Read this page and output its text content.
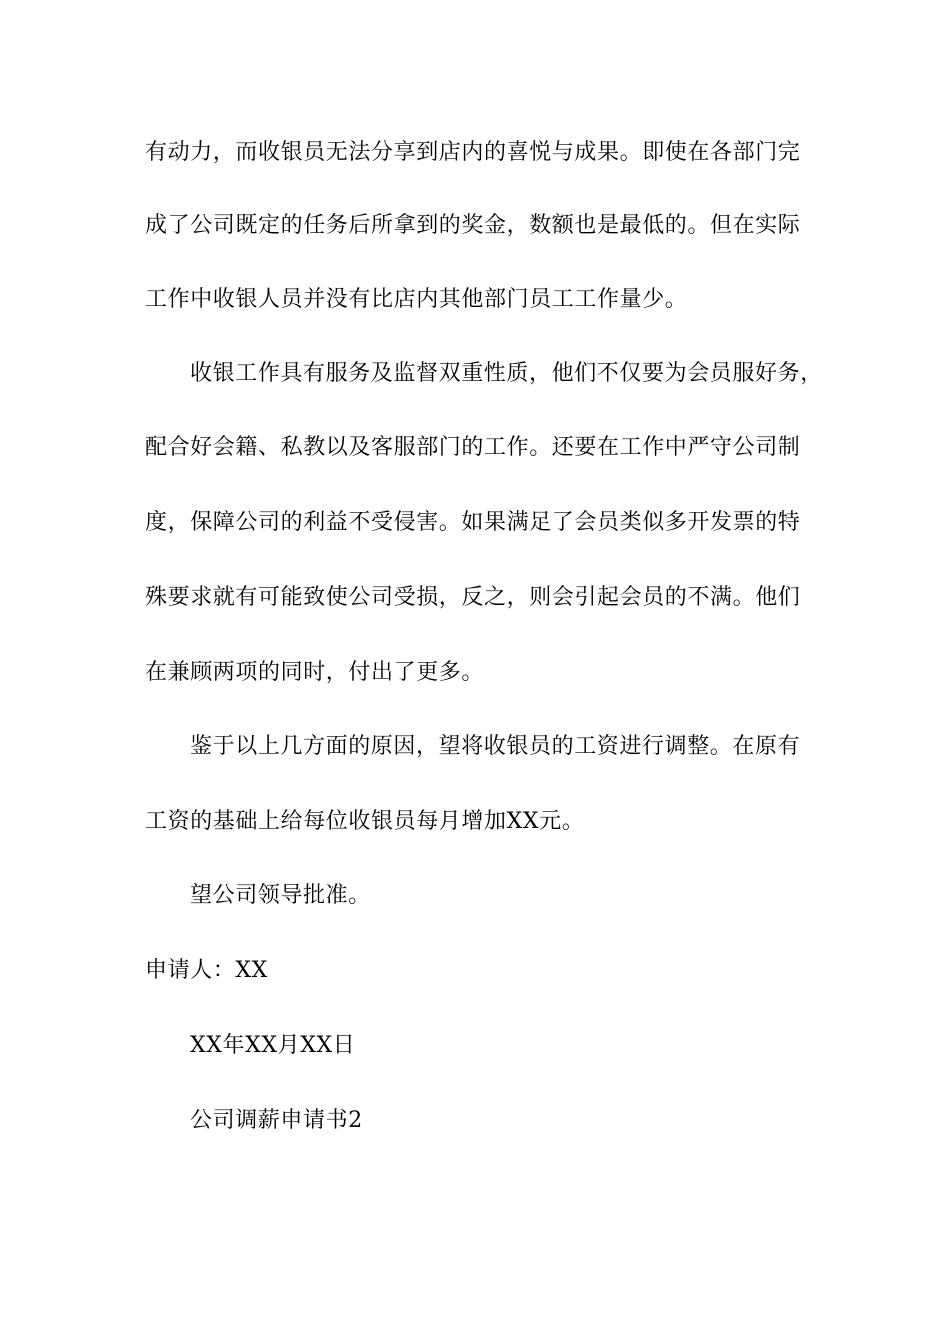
有动力，而收银员无法分享到店内的喜悦与成果。即使在各部门完
成了公司既定的任务后所拿到的奖金，数额也是最低的。但在实际
工作中收银人员并没有比店内其他部门员工工作量少。
收银工作具有服务及监督双重性质，他们不仅要为会员服好务，
配合好会籍、私教以及客服部门的工作。还要在工作中严守公司制
度，保障公司的利益不受侵害。如果满足了会员类似多开发票的特
殊要求就有可能致使公司受损，反之，则会引起会员的不满。他们
在兼顾两项的同时，付出了更多。
鉴于以上几方面的原因，望将收银员的工资进行调整。在原有
工资的基础上给每位收银员每月增加XX元。
望公司领导批准。
申请人：XX
XX年XX月XX日
公司调薪申请书2
